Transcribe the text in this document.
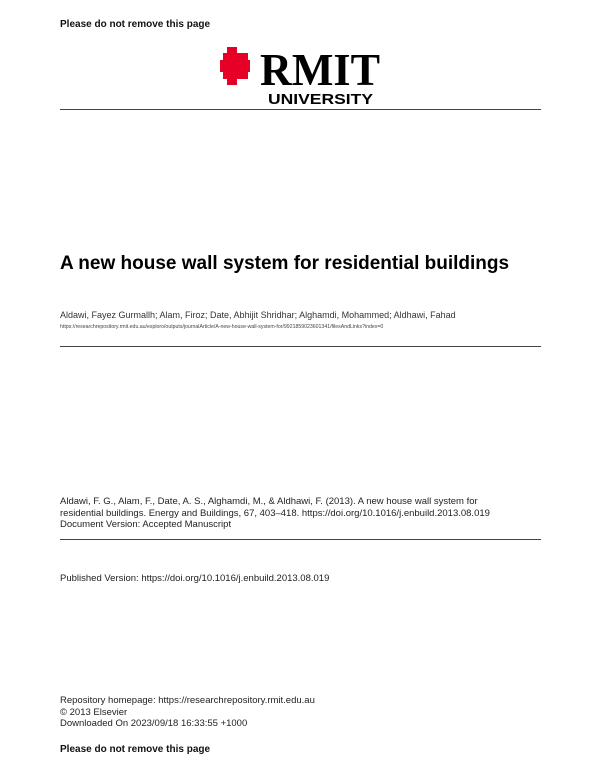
Please do not remove this page
RMIT
UNIVERSITY
A new house wall system for residential buildings
Aldawi, Fayez Gurmallh; Alam, Firoz; Date, Abhijit Shridhar; Alghamdi, Mohammed; Aldhawi, Fahad
https://researchrepository.rmit.edu.au/esploro/outputs/journalArticle/A-new-house-wall-system-for/9921859023601341/filesAndLinks?index=0
Aldawi, F. G., Alam, F., Date, A. S., Alghamdi, M., & Aldhawi, F. (2013). A new house wall system for
residential buildings. Energy and Buildings, 67, 403–418. https://doi.org/10.1016/j.enbuild.2013.08.019
Document Version: Accepted Manuscript
Published Version: https://doi.org/10.1016/j.enbuild.2013.08.019
Repository homepage: https://researchrepository.rmit.edu.au
© 2013 Elsevier
Downloaded On 2023/09/18 16:33:55 +1000
Please do not remove this page
